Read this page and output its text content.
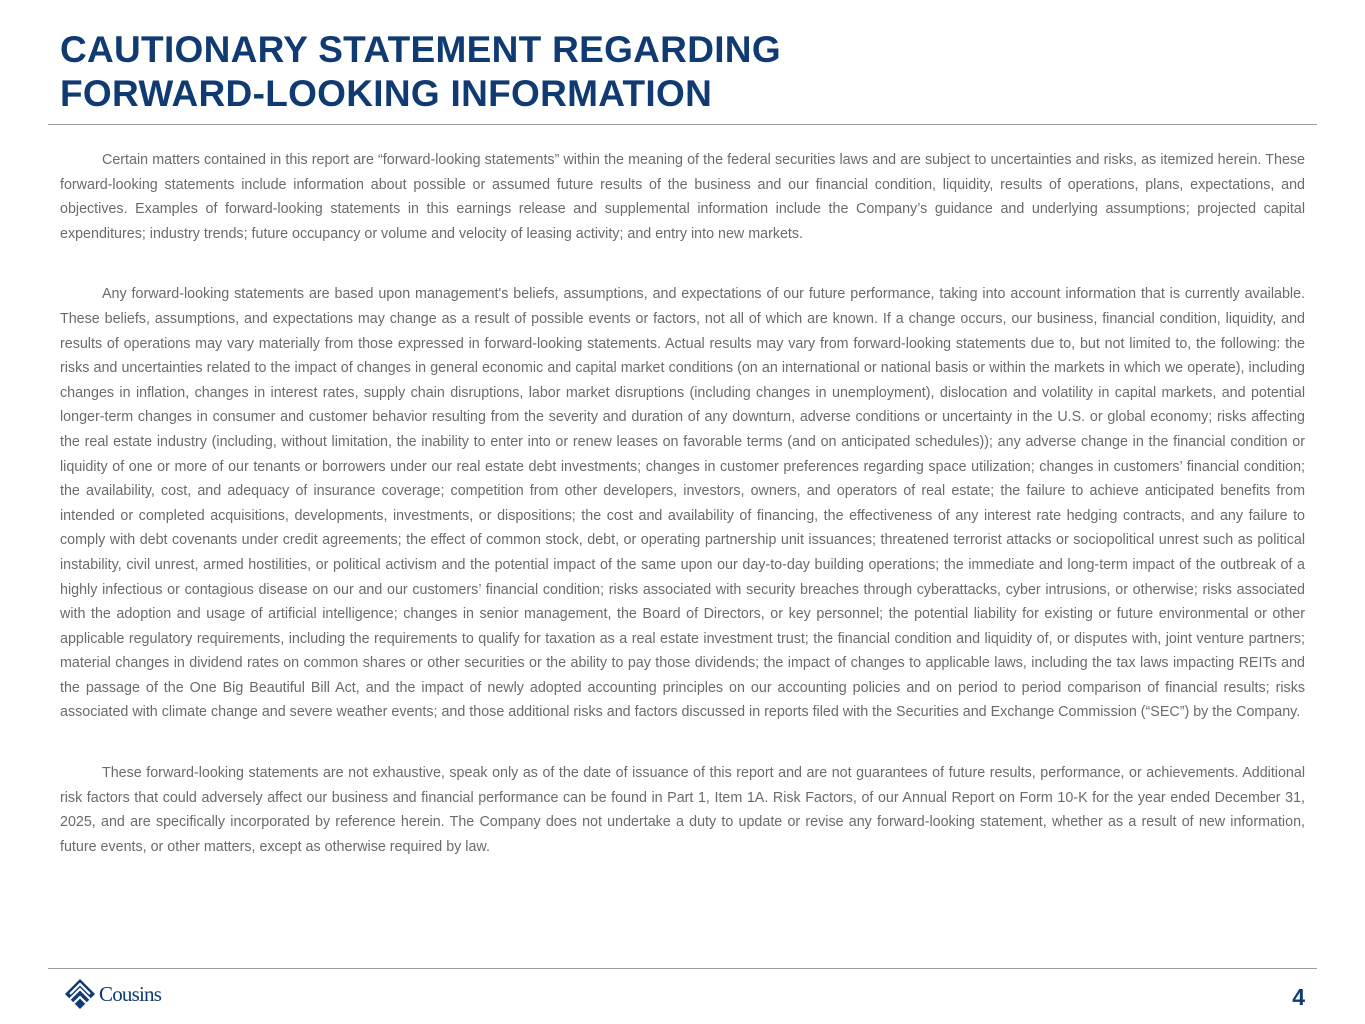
CAUTIONARY STATEMENT REGARDING
FORWARD-LOOKING INFORMATION

Certain matters contained in this report are “forward-looking statements” within the meaning of the federal securities laws and are subject to uncertainties and risks, as itemized herein. These forward-looking statements include information about possible or assumed future results of the business and our financial condition, liquidity, results of operations, plans, expectations, and objectives. Examples of forward-looking statements in this earnings release and supplemental information include the Company’s guidance and underlying assumptions; projected capital expenditures; industry trends; future occupancy or volume and velocity of leasing activity; and entry into new markets.

Any forward-looking statements are based upon management's beliefs, assumptions, and expectations of our future performance, taking into account information that is currently available. These beliefs, assumptions, and expectations may change as a result of possible events or factors, not all of which are known. If a change occurs, our business, financial condition, liquidity, and results of operations may vary materially from those expressed in forward-looking statements. Actual results may vary from forward-looking statements due to, but not limited to, the following: the risks and uncertainties related to the impact of changes in general economic and capital market conditions (on an international or national basis or within the markets in which we operate), including changes in inflation, changes in interest rates, supply chain disruptions, labor market disruptions (including changes in unemployment), dislocation and volatility in capital markets, and potential longer-term changes in consumer and customer behavior resulting from the severity and duration of any downturn, adverse conditions or uncertainty in the U.S. or global economy; risks affecting the real estate industry (including, without limitation, the inability to enter into or renew leases on favorable terms (and on anticipated schedules)); any adverse change in the financial condition or liquidity of one or more of our tenants or borrowers under our real estate debt investments; changes in customer preferences regarding space utilization; changes in customers’ financial condition; the availability, cost, and adequacy of insurance coverage; competition from other developers, investors, owners, and operators of real estate; the failure to achieve anticipated benefits from intended or completed acquisitions, developments, investments, or dispositions; the cost and availability of financing, the effectiveness of any interest rate hedging contracts, and any failure to comply with debt covenants under credit agreements; the effect of common stock, debt, or operating partnership unit issuances; threatened terrorist attacks or sociopolitical unrest such as political instability, civil unrest, armed hostilities, or political activism and the potential impact of the same upon our day-to-day building operations; the immediate and long-term impact of the outbreak of a highly infectious or contagious disease on our and our customers’ financial condition; risks associated with security breaches through cyberattacks, cyber intrusions, or otherwise; risks associated with the adoption and usage of artificial intelligence; changes in senior management, the Board of Directors, or key personnel; the potential liability for existing or future environmental or other applicable regulatory requirements, including the requirements to qualify for taxation as a real estate investment trust; the financial condition and liquidity of, or disputes with, joint venture partners; material changes in dividend rates on common shares or other securities or the ability to pay those dividends; the impact of changes to applicable laws, including the tax laws impacting REITs and the passage of the One Big Beautiful Bill Act, and the impact of newly adopted accounting principles on our accounting policies and on period to period comparison of financial results; risks associated with climate change and severe weather events; and those additional risks and factors discussed in reports filed with the Securities and Exchange Commission (“SEC”) by the Company.

These forward-looking statements are not exhaustive, speak only as of the date of issuance of this report and are not guarantees of future results, performance, or achievements. Additional risk factors that could adversely affect our business and financial performance can be found in Part 1, Item 1A. Risk Factors, of our Annual Report on Form 10-K for the year ended December 31, 2025, and are specifically incorporated by reference herein. The Company does not undertake a duty to update or revise any forward-looking statement, whether as a result of new information, future events, or other matters, except as otherwise required by law.

Cousins	4
